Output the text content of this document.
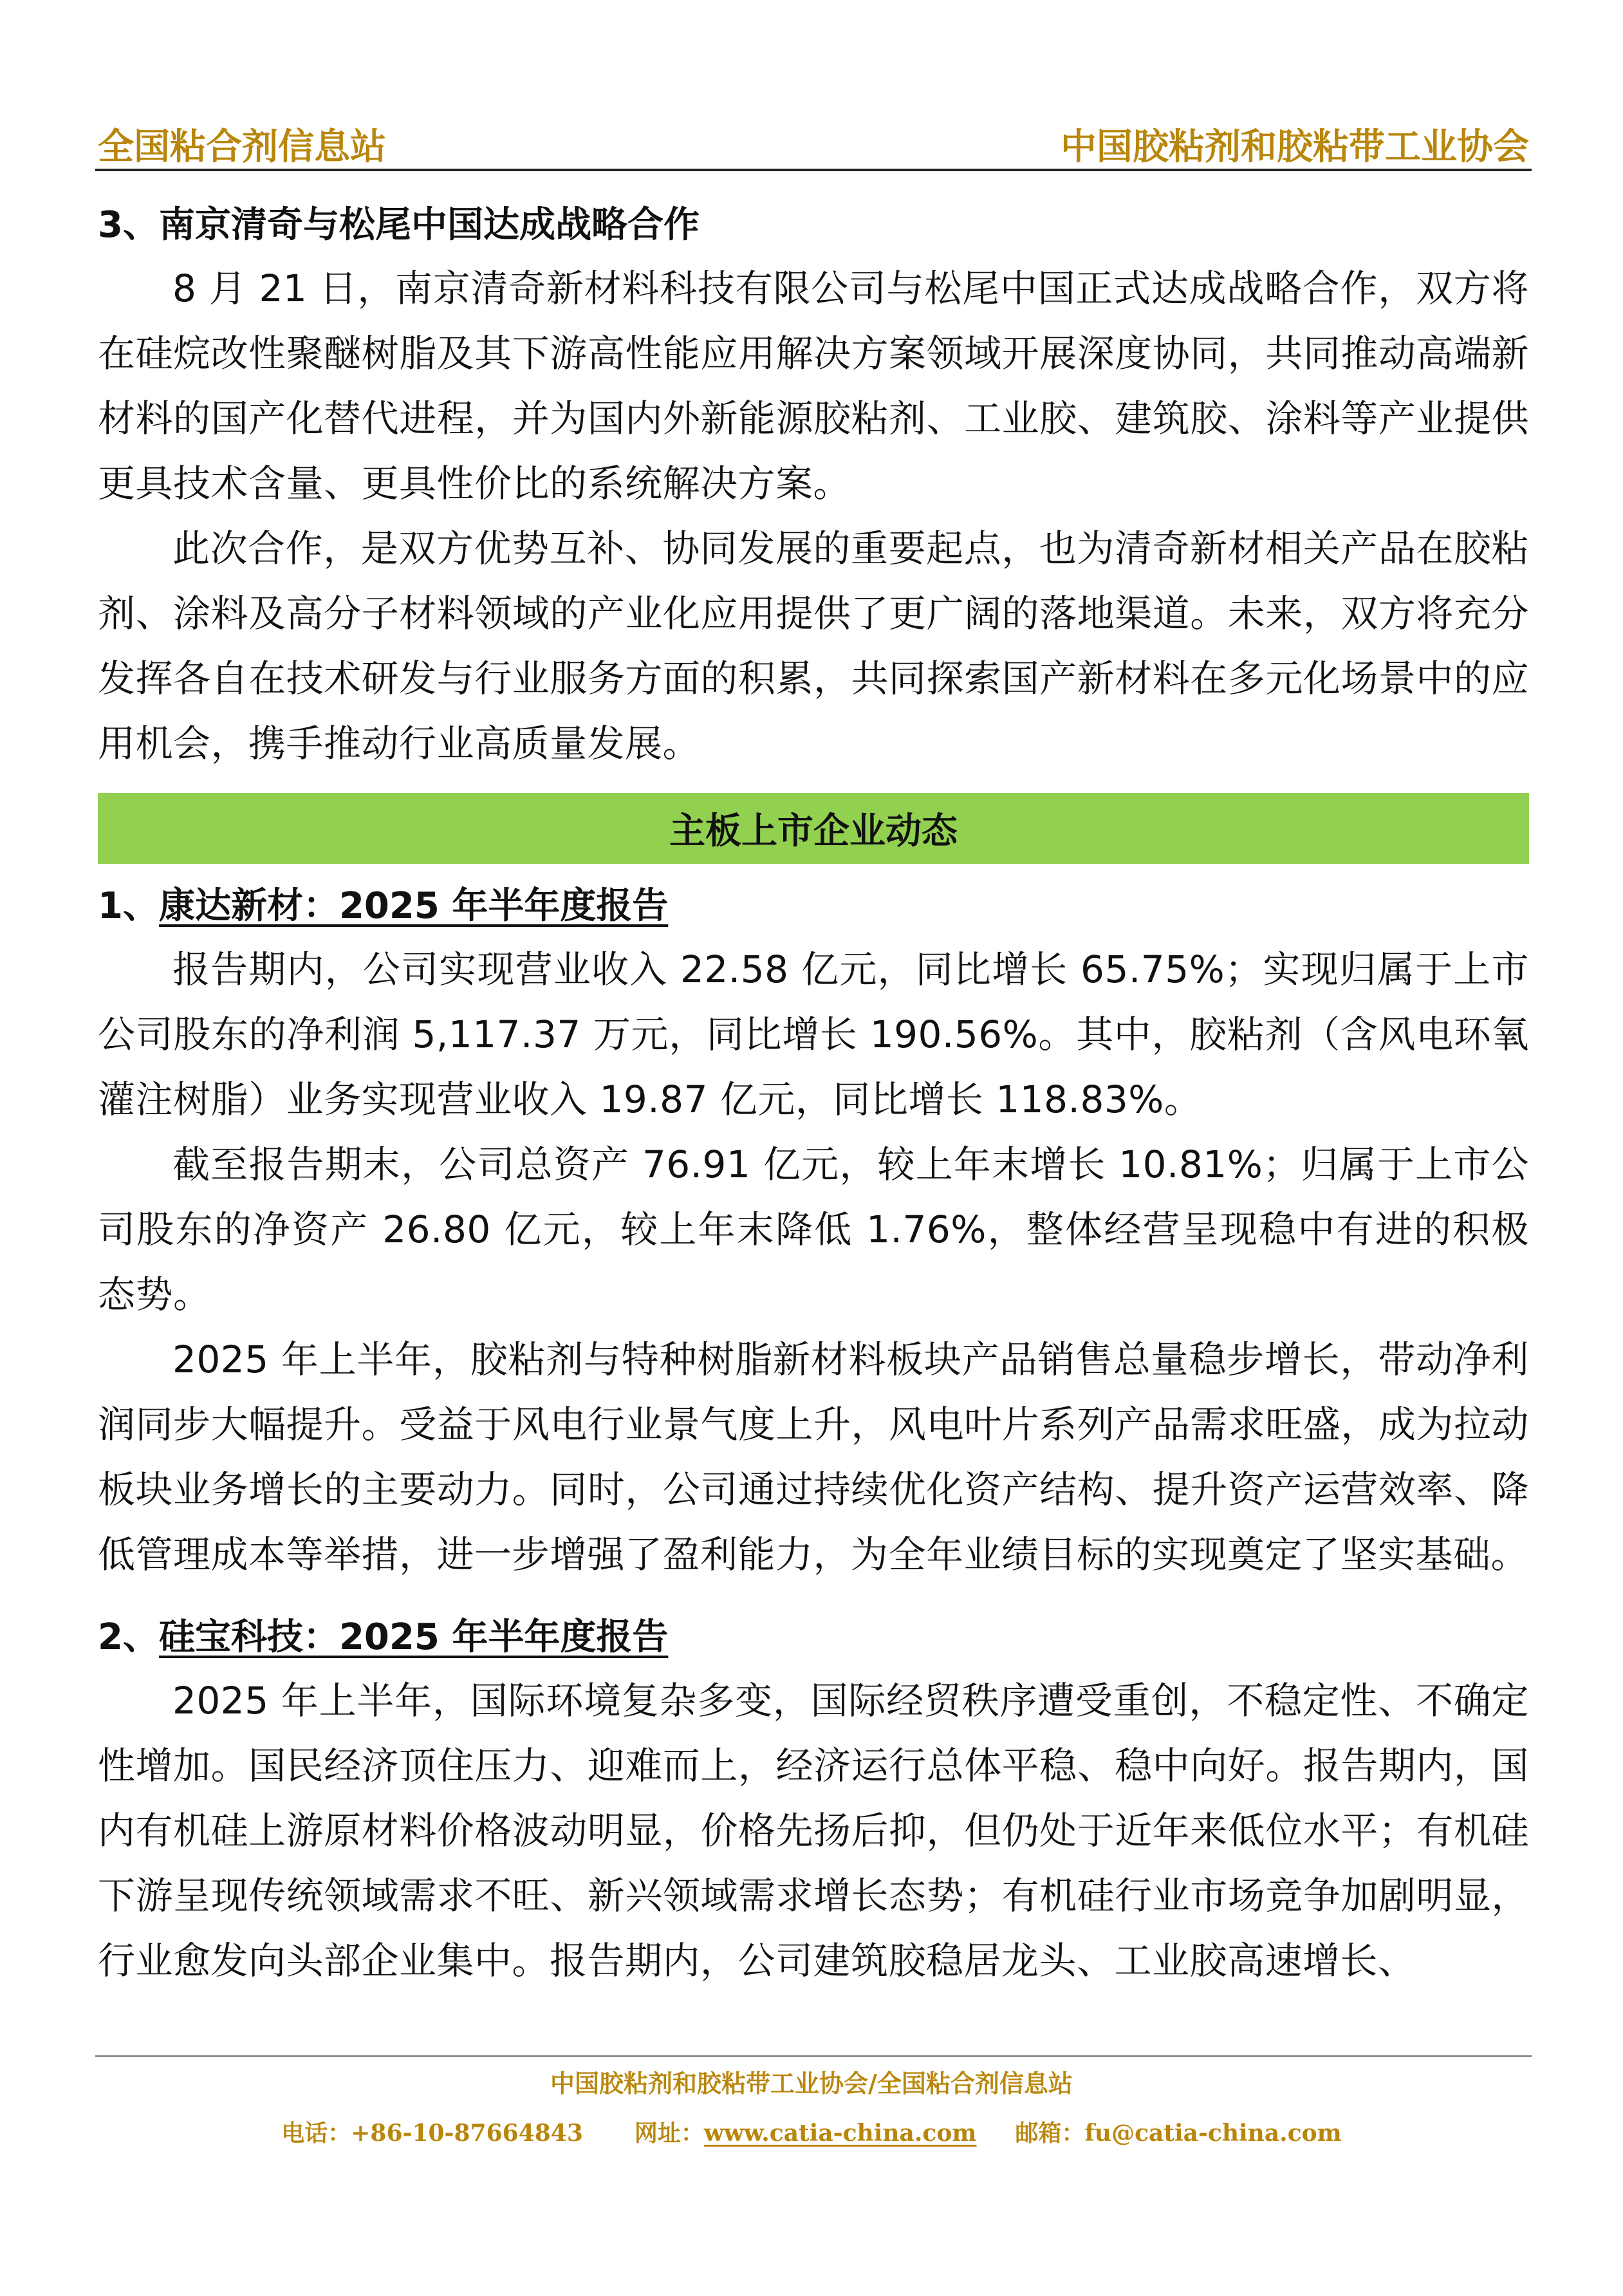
全国粘合剂信息站	中国胶粘剂和胶粘带工业协会
3、南京清奇与松尾中国达成战略合作

8 月 21 日，南京清奇新材料科技有限公司与松尾中国正式达成战略合作，双方将在硅烷改性聚醚树脂及其下游高性能应用解决方案领域开展深度协同，共同推动高端新材料的国产化替代进程，并为国内外新能源胶粘剂、工业胶、建筑胶、涂料等产业提供更具技术含量、更具性价比的系统解决方案。

此次合作，是双方优势互补、协同发展的重要起点，也为清奇新材相关产品在胶粘剂、涂料及高分子材料领域的产业化应用提供了更广阔的落地渠道。未来，双方将充分发挥各自在技术研发与行业服务方面的积累，共同探索国产新材料在多元化场景中的应用机会，携手推动行业高质量发展。

主板上市企业动态
1、康达新材：2025 年半年度报告

报告期内，公司实现营业收入 22.58 亿元，同比增长 65.75%；实现归属于上市公司股东的净利润 5,117.37 万元，同比增长 190.56%。其中，胶粘剂（含风电环氧灌注树脂）业务实现营业收入 19.87 亿元，同比增长 118.83%。

截至报告期末，公司总资产 76.91 亿元，较上年末增长 10.81%；归属于上市公司股东的净资产 26.80 亿元，较上年末降低 1.76%，整体经营呈现稳中有进的积极态势。

2025 年上半年，胶粘剂与特种树脂新材料板块产品销售总量稳步增长，带动净利润同步大幅提升。受益于风电行业景气度上升，风电叶片系列产品需求旺盛，成为拉动板块业务增长的主要动力。同时，公司通过持续优化资产结构、提升资产运营效率、降低管理成本等举措，进一步增强了盈利能力，为全年业绩目标的实现奠定了坚实基础。

2、硅宝科技：2025 年半年度报告

2025 年上半年，国际环境复杂多变，国际经贸秩序遭受重创，不稳定性、不确定性增加。国民经济顶住压力、迎难而上，经济运行总体平稳、稳中向好。报告期内，国内有机硅上游原材料价格波动明显，价格先扬后抑，但仍处于近年来低位水平；有机硅下游呈现传统领域需求不旺、新兴领域需求增长态势；有机硅行业市场竞争加剧明显，行业愈发向头部企业集中。报告期内，公司建筑胶稳居龙头、工业胶高速增长、

中国胶粘剂和胶粘带工业协会/全国粘合剂信息站
电话：+86-10-87664843 网址：www.catia-china.com 邮箱：fu@catia-china.com
